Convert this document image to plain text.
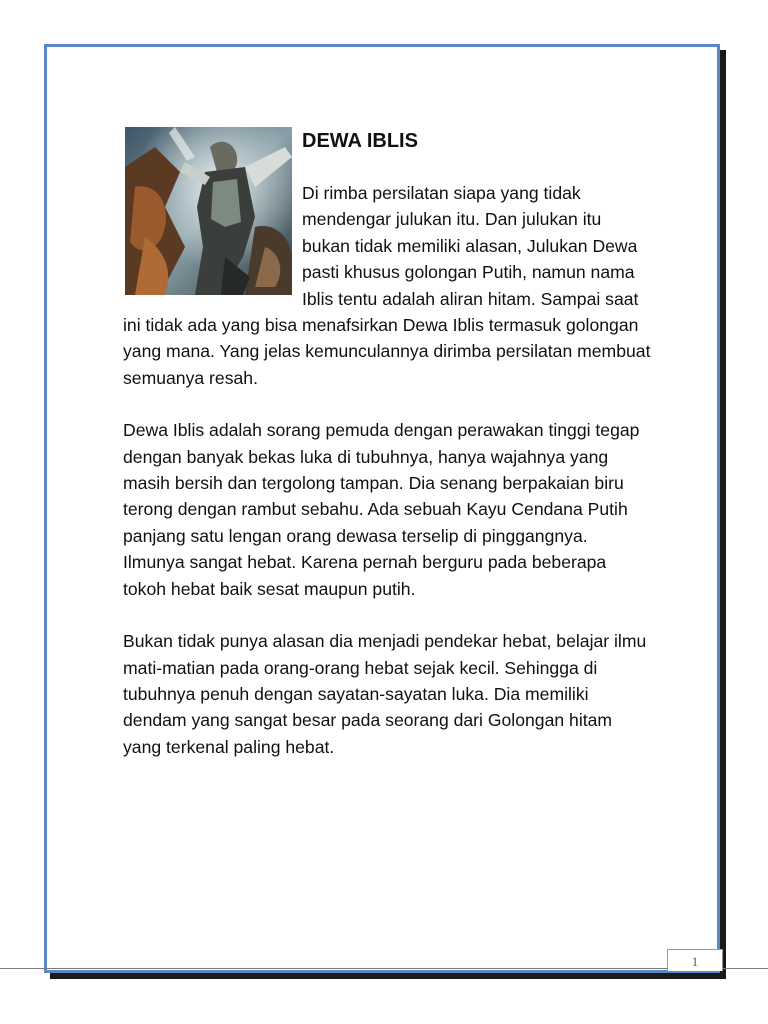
DEWA IBLIS

Di rimba persilatan siapa yang tidak mendengar julukan itu. Dan julukan itu bukan tidak memiliki alasan, Julukan Dewa pasti khusus golongan Putih, namun nama Iblis tentu adalah aliran hitam. Sampai saat ini tidak ada yang bisa menafsirkan Dewa Iblis termasuk golongan yang mana. Yang jelas kemunculannya dirimba persilatan membuat semuanya resah.

Dewa Iblis adalah sorang pemuda dengan perawakan tinggi tegap dengan banyak bekas luka di tubuhnya, hanya wajahnya yang masih bersih dan tergolong tampan. Dia senang berpakaian biru terong dengan rambut sebahu. Ada sebuah Kayu Cendana Putih panjang satu lengan orang dewasa terselip di pinggangnya. Ilmunya sangat hebat. Karena pernah berguru pada beberapa tokoh hebat baik sesat maupun putih.

Bukan tidak punya alasan dia menjadi pendekar hebat, belajar ilmu mati-matian pada orang-orang hebat sejak kecil. Sehingga di tubuhnya penuh dengan sayatan-sayatan luka. Dia memiliki dendam yang sangat besar pada seorang dari Golongan hitam yang terkenal paling hebat.

1
